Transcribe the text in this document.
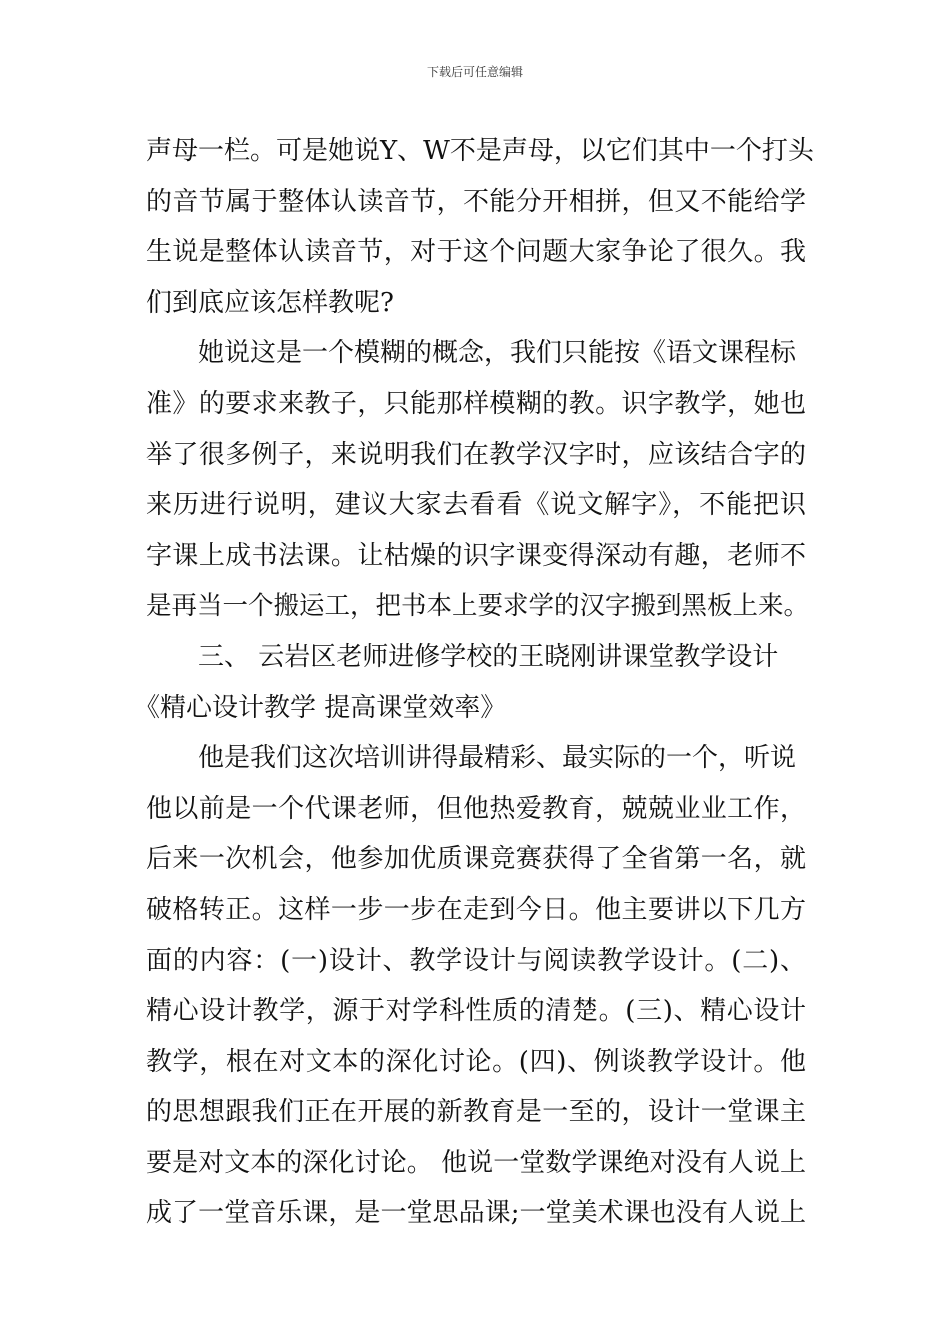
下载后可任意编辑
声母一栏。可是她说Y、W不是声母，以它们其中一个打头
的音节属于整体认读音节，不能分开相拼，但又不能给学
生说是整体认读音节，对于这个问题大家争论了很久。我
们到底应该怎样教呢?
她说这是一个模糊的概念，我们只能按《语文课程标
准》的要求来教子，只能那样模糊的教。识字教学，她也
举了很多例子，来说明我们在教学汉字时，应该结合字的
来历进行说明，建议大家去看看《说文解字》，不能把识
字课上成书法课。让枯燥的识字课变得深动有趣，老师不
是再当一个搬运工，把书本上要求学的汉字搬到黑板上来。
三、 云岩区老师进修学校的王晓刚讲课堂教学设计
《精心设计教学 提高课堂效率》
他是我们这次培训讲得最精彩、最实际的一个，听说
他以前是一个代课老师，但他热爱教育，兢兢业业工作，
后来一次机会，他参加优质课竞赛获得了全省第一名，就
破格转正。这样一步一步在走到今日。他主要讲以下几方
面的内容：(一)设计、教学设计与阅读教学设计。(二)、
精心设计教学，源于对学科性质的清楚。(三)、精心设计
教学，根在对文本的深化讨论。(四)、例谈教学设计。他
的思想跟我们正在开展的新教育是一至的，设计一堂课主
要是对文本的深化讨论。 他说一堂数学课绝对没有人说上
成了一堂音乐课，是一堂思品课;一堂美术课也没有人说上
